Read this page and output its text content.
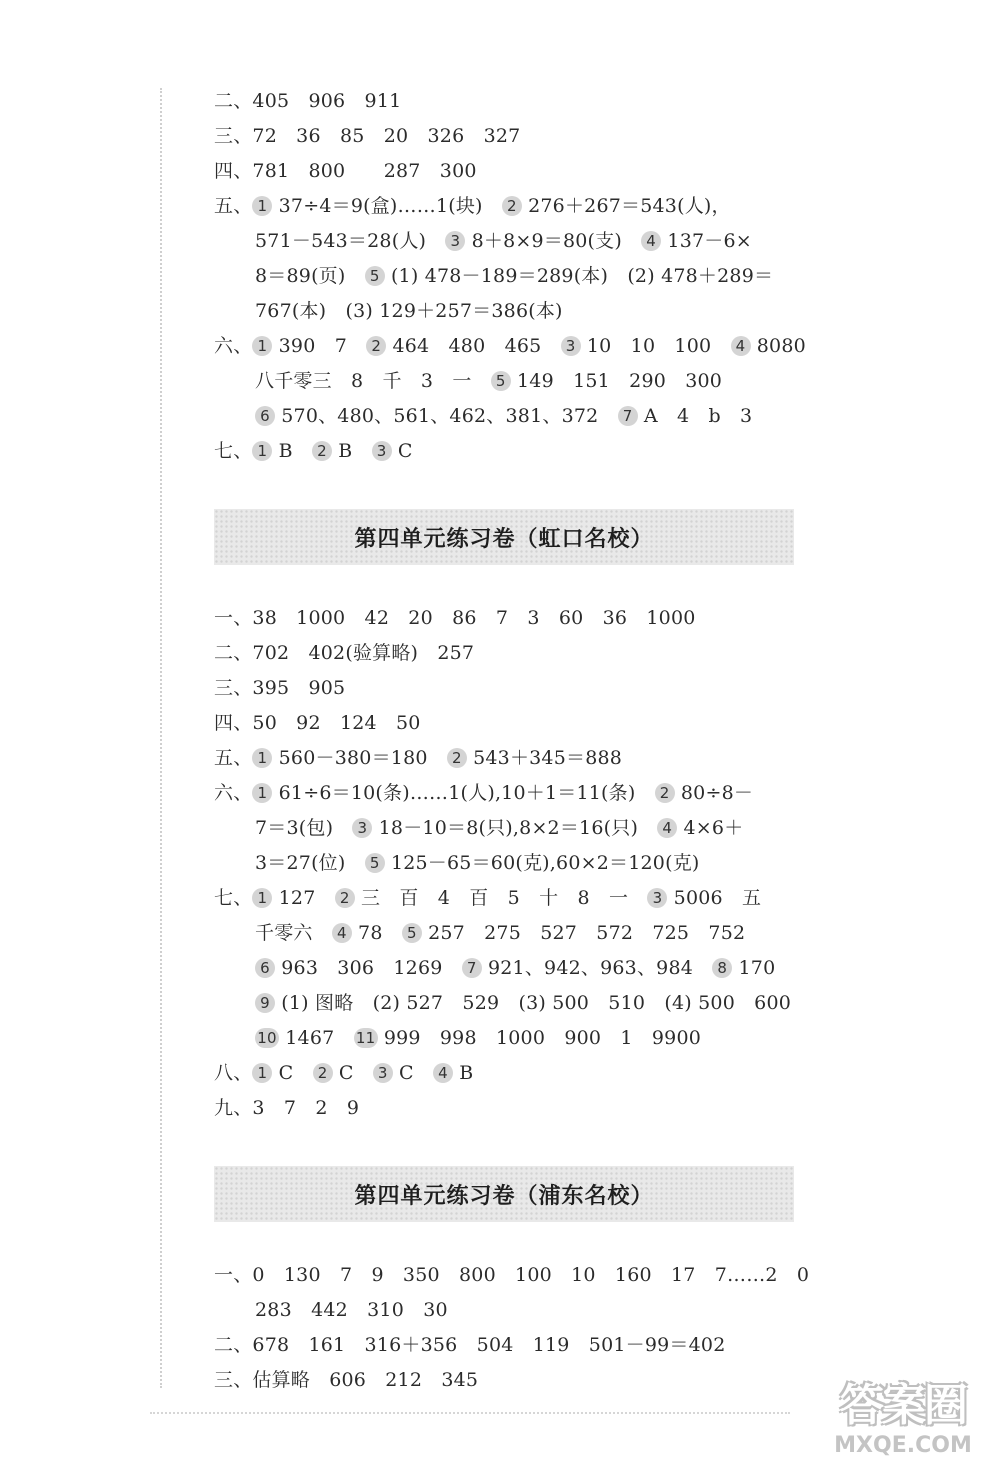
二、405　906　911
三、72　36　85　20　326　327
四、781　800　　287　300
五、 1 37÷4＝9(盒)……1(块)　2 276＋267＝543(人)，
571－543＝28(人)　3 8＋8×9＝80(支)　4 137－6×
8＝89(页)　5 (1) 478－189＝289(本)　(2) 478＋289＝
767(本)　(3) 129＋257＝386(本)
六、 1 390　7　2 464　480　465　3 10　10　100　4 8080
八千零三　8　千　3　一　5 149　151　290　300
6 570、480、561、462、381、372　7 A　4　b　3
七、 1 B　2 B　3 C
第四单元练习卷（虹口名校）
一、38　1000　42　20　86　7　3　60　36　1000
二、702　402(验算略)　257
三、395　905
四、50　92　124　50
五、 1 560－380＝180　2 543＋345＝888
六、 1 61÷6＝10(条)……1(人),10＋1＝11(条)　2 80÷8－
7＝3(包)　3 18－10＝8(只),8×2＝16(只)　4 4×6＋
3＝27(位)　5 125－65＝60(克),60×2＝120(克)
七、 1 127　2 三　百　4　百　5　十　8　一　3 5006　五
千零六　4 78　5 257　275　527　572　725　752
6 963　306　1269　7 921、942、963、984　8 170
9 (1) 图略　(2) 527　529　(3) 500　510　(4) 500　600
10 1467　11 999　998　1000　900　1　9900
八、 1 C　2 C　3 C　4 B
九、3　7　2　9
第四单元练习卷（浦东名校）
一、0　130　7　9　350　800　100　10　160　17　7……2　0
283　442　310　30
二、678　161　316＋356　504　119　501－99＝402
三、估算略　606　212　345	答案圈
MXQE.COM
